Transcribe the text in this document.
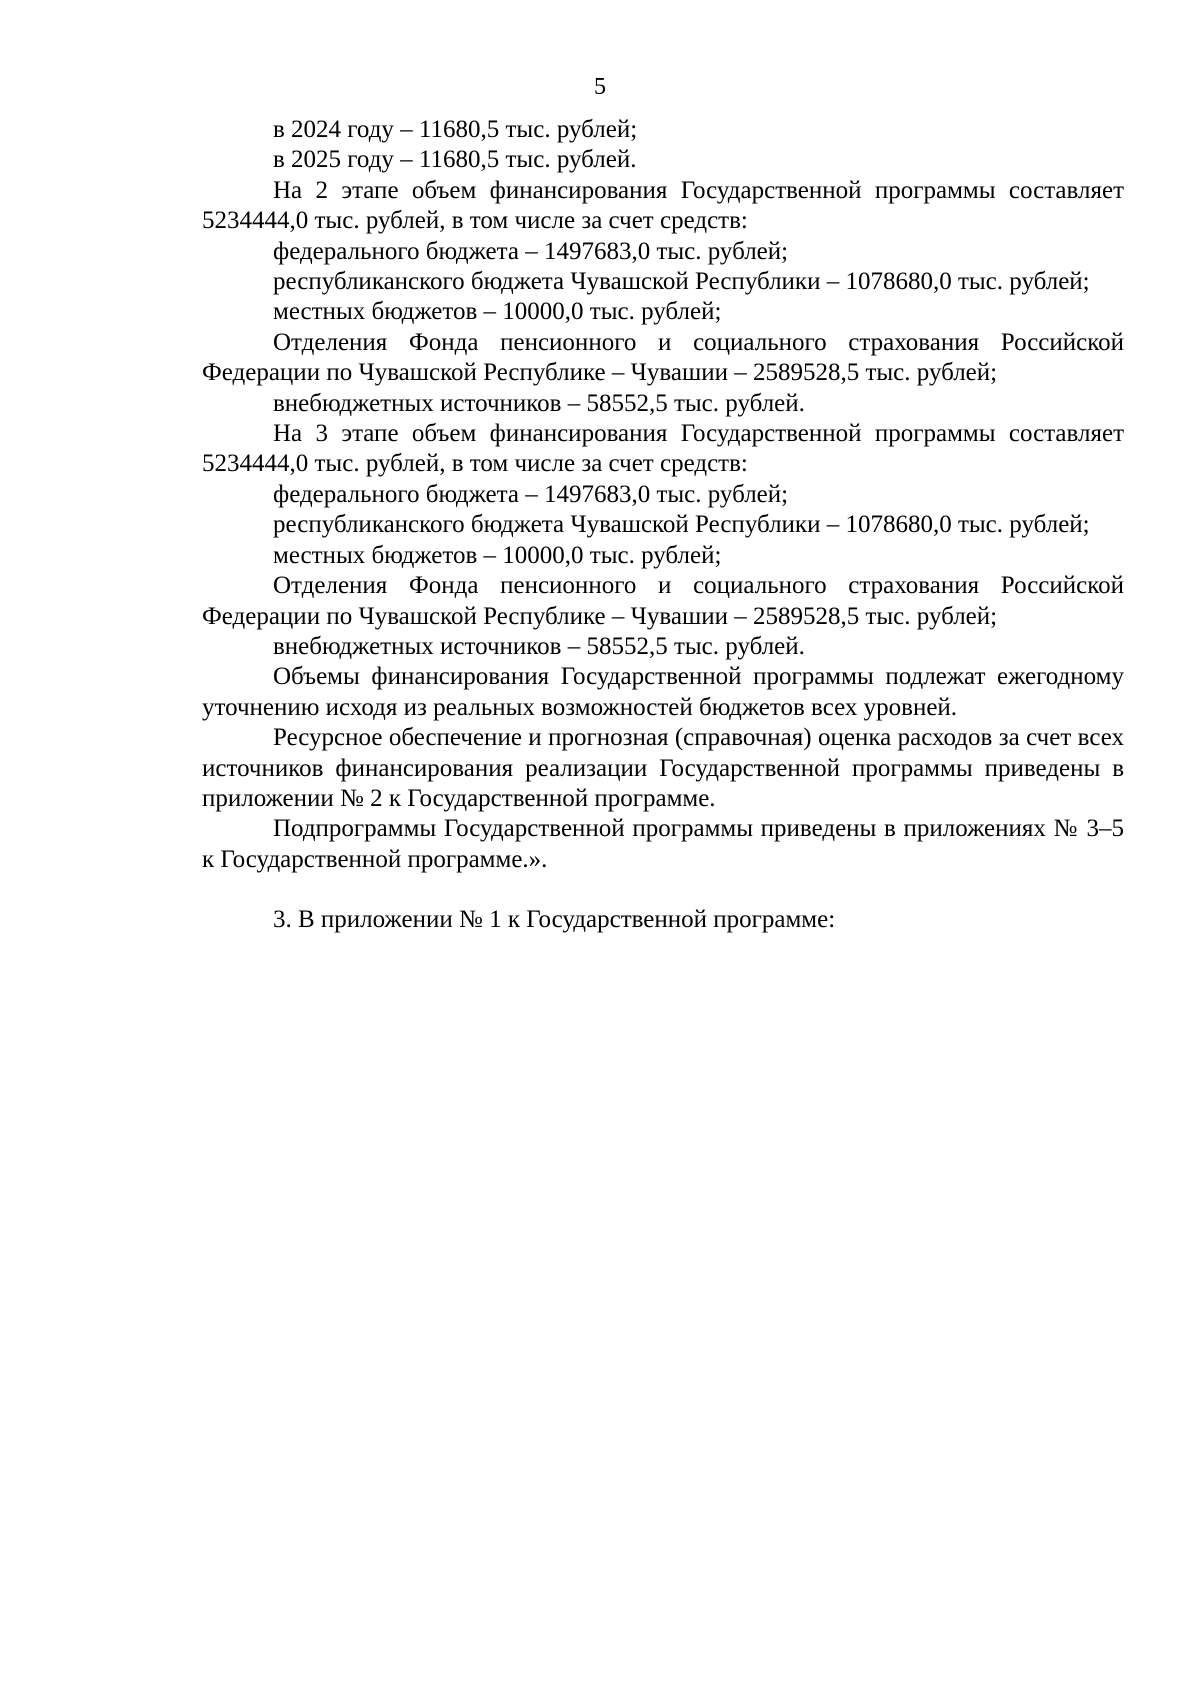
5

в 2024 году – 11680,5 тыс. рублей;

в 2025 году – 11680,5 тыс. рублей.

На 2 этапе объем финансирования Государственной программы составляет 5234444,0 тыс. рублей, в том числе за счет средств:

федерального бюджета – 1497683,0 тыс. рублей;

республиканского бюджета Чувашской Республики – 1078680,0 тыс. рублей;

местных бюджетов – 10000,0 тыс. рублей;

Отделения Фонда пенсионного и социального страхования Российской Федерации по Чувашской Республике – Чувашии – 2589528,5 тыс. рублей;

внебюджетных источников – 58552,5 тыс. рублей.

На 3 этапе объем финансирования Государственной программы составляет 5234444,0 тыс. рублей, в том числе за счет средств:

федерального бюджета – 1497683,0 тыс. рублей;

республиканского бюджета Чувашской Республики – 1078680,0 тыс. рублей;

местных бюджетов – 10000,0 тыс. рублей;

Отделения Фонда пенсионного и социального страхования Российской Федерации по Чувашской Республике – Чувашии – 2589528,5 тыс. рублей;

внебюджетных источников – 58552,5 тыс. рублей.

Объемы финансирования Государственной программы подлежат ежегодному уточнению исходя из реальных возможностей бюджетов всех уровней.

Ресурсное обеспечение и прогнозная (справочная) оценка расходов за счет всех источников финансирования реализации Государственной программы приведены в приложении № 2 к Государственной программе.

Подпрограммы Государственной программы приведены в приложениях № 3–5 к Государственной программе.».

3. В приложении № 1 к Государственной программе:
